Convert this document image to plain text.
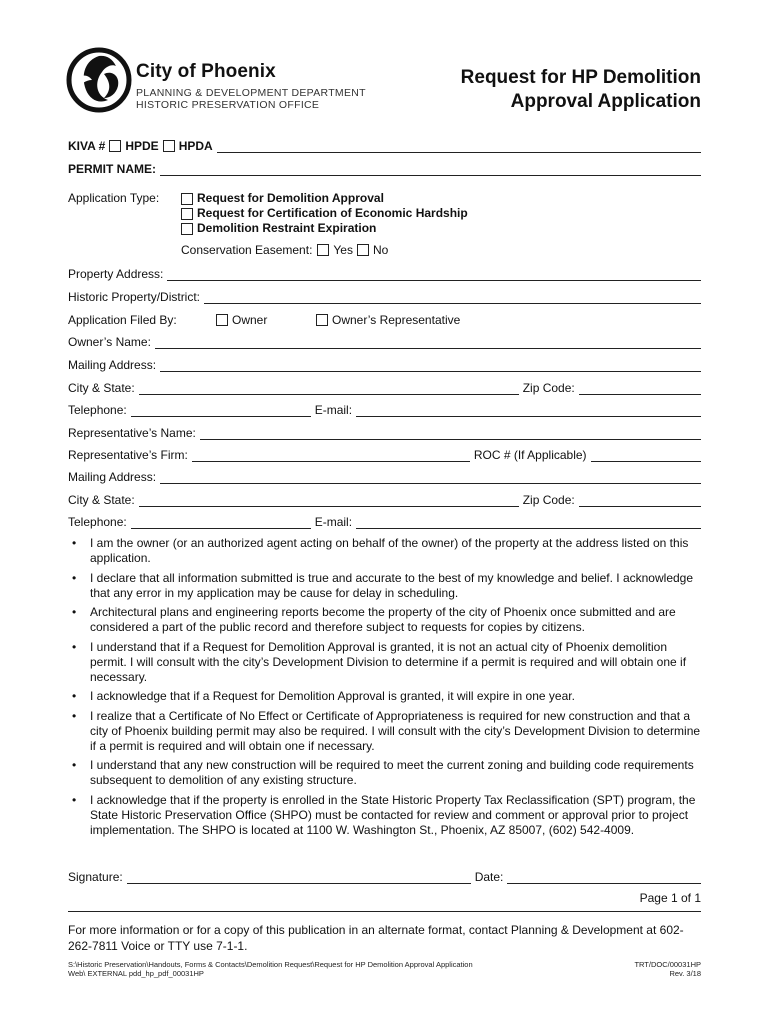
City of Phoenix
PLANNING & DEVELOPMENT DEPARTMENT
HISTORIC PRESERVATION OFFICE
Request for HP Demolition
Approval Application
KIVA # HPDE HPDA
PERMIT NAME:
Application Type:	Request for Demolition Approval
Request for Certification of Economic Hardship
Demolition Restraint Expiration
Conservation Easement: Yes No
Property Address:
Historic Property/District:
Application Filed By:	Owner	Owner’s Representative
Owner’s Name:
Mailing Address:
City & State:	Zip Code:
Telephone:	E-mail:
Representative’s Name:
Representative’s Firm:	ROC # (If Applicable)
Mailing Address:
City & State:	Zip Code:
Telephone:	E-mail:
• I am the owner (or an authorized agent acting on behalf of the owner) of the property at the address listed on this application.
• I declare that all information submitted is true and accurate to the best of my knowledge and belief. I acknowledge that any error in my application may be cause for delay in scheduling.
• Architectural plans and engineering reports become the property of the city of Phoenix once submitted and are considered a part of the public record and therefore subject to requests for copies by citizens.
• I understand that if a Request for Demolition Approval is granted, it is not an actual city of Phoenix demolition permit. I will consult with the city’s Development Division to determine if a permit is required and will obtain one if necessary.
• I acknowledge that if a Request for Demolition Approval is granted, it will expire in one year.
• I realize that a Certificate of No Effect or Certificate of Appropriateness is required for new construction and that a city of Phoenix building permit may also be required. I will consult with the city’s Development Division to determine if a permit is required and will obtain one if necessary.
• I understand that any new construction will be required to meet the current zoning and building code requirements subsequent to demolition of any existing structure.
• I acknowledge that if the property is enrolled in the State Historic Property Tax Reclassification (SPT) program, the State Historic Preservation Office (SHPO) must be contacted for review and comment or approval prior to project implementation. The SHPO is located at 1100 W. Washington St., Phoenix, AZ 85007, (602) 542-4009.
Signature:	Date:
Page 1 of 1
For more information or for a copy of this publication in an alternate format, contact Planning & Development at 602-262-7811 Voice or TTY use 7-1-1.
S:\Historic Preservation\Handouts, Forms & Contacts\Demolition Request\Request for HP Demolition Approval Application
Web\ EXTERNAL pdd_hp_pdf_00031HP
TRT/DOC/00031HP
Rev. 3/18
